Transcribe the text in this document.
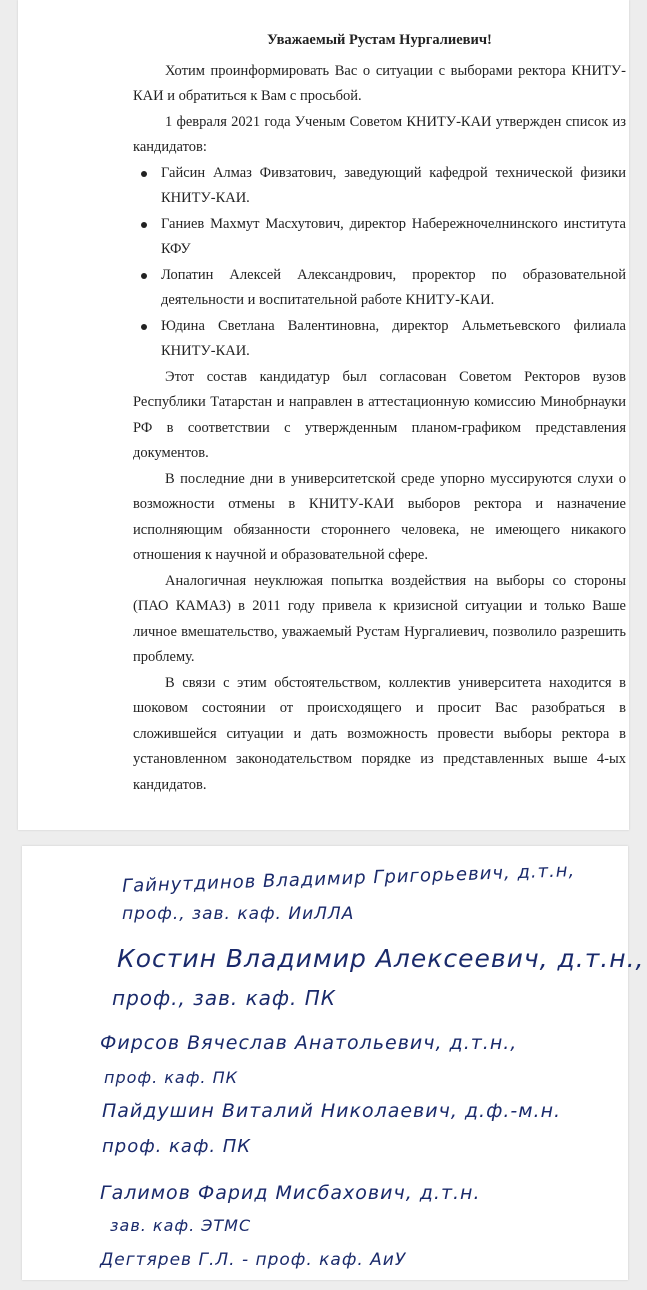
Уважаемый Рустам Нургалиевич!

Хотим проинформировать Вас о ситуации с выборами ректора КНИТУ-КАИ и обратиться к Вам с просьбой.

1 февраля 2021 года Ученым Советом КНИТУ-КАИ утвержден список из кандидатов:

Гайсин Алмаз Фивзатович, заведующий кафедрой технической физики КНИТУ-КАИ.
Ганиев Махмут Масхутович, директор Набережночелнинского института КФУ
Лопатин Алексей Александрович, проректор по образовательной деятельности и воспитательной работе КНИТУ-КАИ.
Юдина Светлана Валентиновна, директор Альметьевского филиала КНИТУ-КАИ.

Этот состав кандидатур был согласован Советом Ректоров вузов Республики Татарстан и направлен в аттестационную комиссию Минобрнауки РФ в соответствии с утвержденным планом-графиком представления документов.

В последние дни в университетской среде упорно муссируются слухи о возможности отмены в КНИТУ-КАИ выборов ректора и назначение исполняющим обязанности стороннего человека, не имеющего никакого отношения к научной и образовательной сфере.

Аналогичная неуклюжая попытка воздействия на выборы со стороны (ПАО КАМАЗ) в 2011 году привела к кризисной ситуации и только Ваше личное вмешательство, уважаемый Рустам Нургалиевич, позволило разрешить проблему.

В связи с этим обстоятельством, коллектив университета находится в шоковом состоянии от происходящего и просит Вас разобраться в сложившейся ситуации и дать возможность провести выборы ректора в установленном законодательством порядке из представленных выше 4-ых кандидатов.

Гайнутдинов Владимир Григорьевич, д.т.н,
проф., зав. каф. ИиЛЛА
Костин Владимир Алексеевич, д.т.н.,
проф., зав. каф. ПК
Фирсов Вячеслав Анатольевич, д.т.н.,
проф. каф. ПК
Пайдушин Виталий Николаевич, д.ф.-м.н.
проф. каф. ПК
Галимов Фарид Мисбахович, д.т.н.
зав. каф. ЭТМС
Дегтярев Г.Л. - проф. каф. АиУ
